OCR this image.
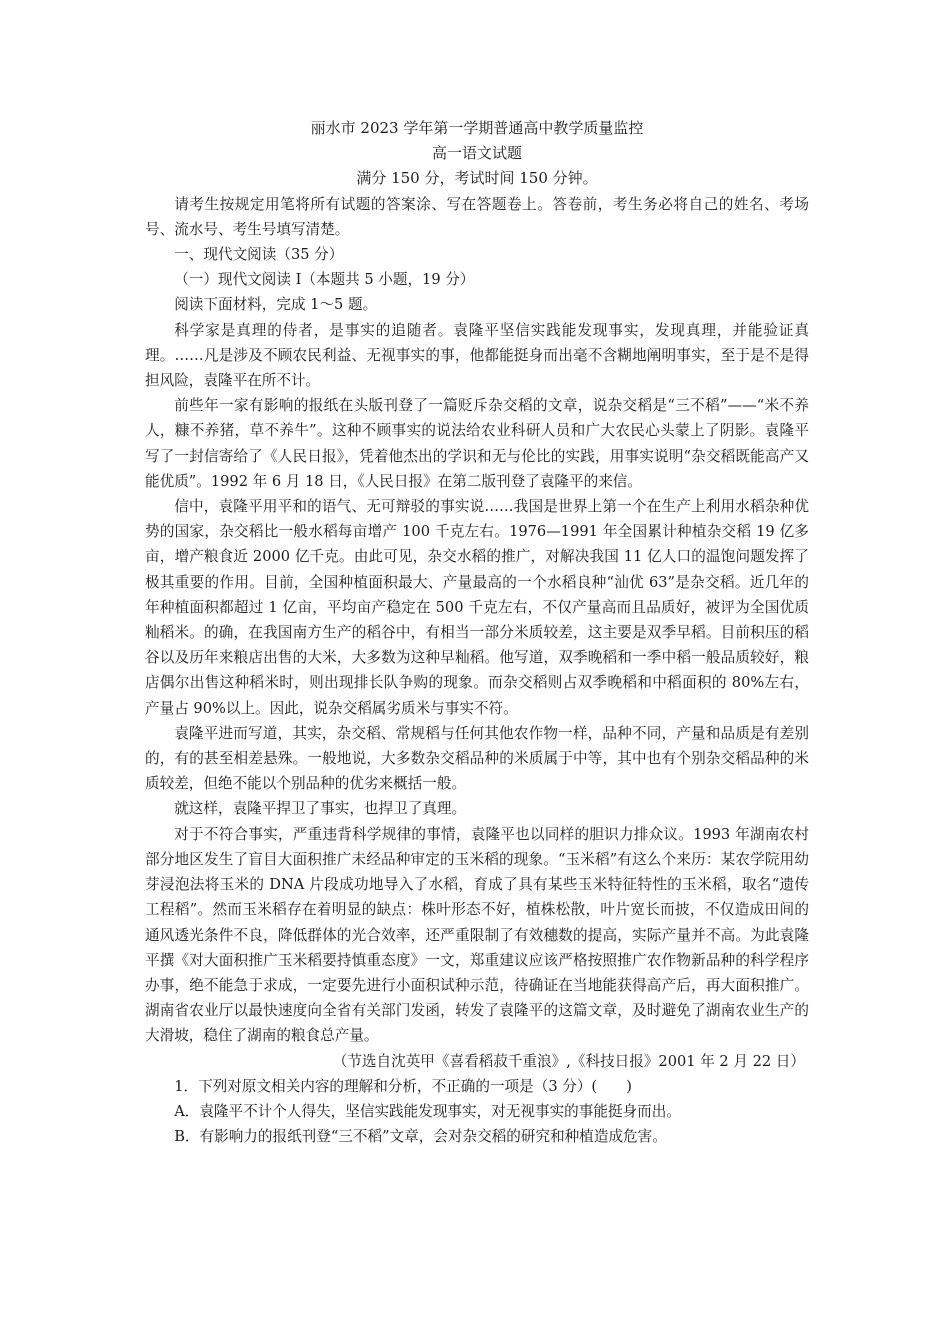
丽水市 2023 学年第一学期普通高中教学质量监控

高一语文试题

满分 150 分，考试时间 150 分钟。

请考生按规定用笔将所有试题的答案涂、写在答题卷上。答卷前，考生务必将自己的姓名、考场号、流水号、考生号填写清楚。

一、现代文阅读（35 分）

（一）现代文阅读 I（本题共 5 小题，19 分）

阅读下面材料，完成 1～5 题。

科学家是真理的侍者，是事实的追随者。袁隆平坚信实践能发现事实，发现真理，并能验证真理。……凡是涉及不顾农民利益、无视事实的事，他都能挺身而出毫不含糊地阐明事实，至于是不是得担风险，袁隆平在所不计。

前些年一家有影响的报纸在头版刊登了一篇贬斥杂交稻的文章，说杂交稻是“三不稻”——“米不养人，糠不养猪，草不养牛”。这种不顾事实的说法给农业科研人员和广大农民心头蒙上了阴影。袁隆平写了一封信寄给了《人民日报》，凭着他杰出的学识和无与伦比的实践，用事实说明“杂交稻既能高产又能优质”。1992 年 6 月 18 日，《人民日报》在第二版刊登了袁隆平的来信。

信中，袁隆平用平和的语气、无可辩驳的事实说……我国是世界上第一个在生产上利用水稻杂种优势的国家，杂交稻比一般水稻每亩增产 100 千克左右。1976—1991 年全国累计种植杂交稻 19 亿多亩，增产粮食近 2000 亿千克。由此可见，杂交水稻的推广，对解决我国 11 亿人口的温饱问题发挥了极其重要的作用。目前，全国种植面积最大、产量最高的一个水稻良种“汕优 63”是杂交稻。近几年的年种植面积都超过 1 亿亩，平均亩产稳定在 500 千克左右，不仅产量高而且品质好，被评为全国优质籼稻米。的确，在我国南方生产的稻谷中，有相当一部分米质较差，这主要是双季早稻。目前积压的稻谷以及历年来粮店出售的大米，大多数为这种早籼稻。他写道，双季晚稻和一季中稻一般品质较好，粮店偶尔出售这种稻米时，则出现排长队争购的现象。而杂交稻则占双季晚稻和中稻面积的 80%左右，产量占 90%以上。因此，说杂交稻属劣质米与事实不符。

袁隆平进而写道，其实，杂交稻、常规稻与任何其他农作物一样，品种不同，产量和品质是有差别的，有的甚至相差悬殊。一般地说，大多数杂交稻品种的米质属于中等，其中也有个别杂交稻品种的米质较差，但绝不能以个别品种的优劣来概括一般。

就这样，袁隆平捍卫了事实，也捍卫了真理。

对于不符合事实，严重违背科学规律的事情，袁隆平也以同样的胆识力排众议。1993 年湖南农村部分地区发生了盲目大面积推广未经品种审定的玉米稻的现象。“玉米稻”有这么个来历：某农学院用幼芽浸泡法将玉米的 DNA 片段成功地导入了水稻，育成了具有某些玉米特征特性的玉米稻，取名“遗传工程稻”。然而玉米稻存在着明显的缺点：株叶形态不好，植株松散，叶片宽长而披，不仅造成田间的通风透光条件不良，降低群体的光合效率，还严重限制了有效穗数的提高，实际产量并不高。为此袁隆平撰《对大面积推广玉米稻要持慎重态度》一文，郑重建议应该严格按照推广农作物新品种的科学程序办事，绝不能急于求成，一定要先进行小面积试种示范，待确证在当地能获得高产后，再大面积推广。湖南省农业厅以最快速度向全省有关部门发函，转发了袁隆平的这篇文章，及时避免了湖南农业生产的大滑坡，稳住了湖南的粮食总产量。

（节选自沈英甲《喜看稻菽千重浪》,《科技日报》2001 年 2 月 22 日）

1．下列对原文相关内容的理解和分析，不正确的一项是（3 分）(　　)

A．袁隆平不计个人得失，坚信实践能发现事实，对无视事实的事能挺身而出。

B．有影响力的报纸刊登“三不稻”文章，会对杂交稻的研究和种植造成危害。
